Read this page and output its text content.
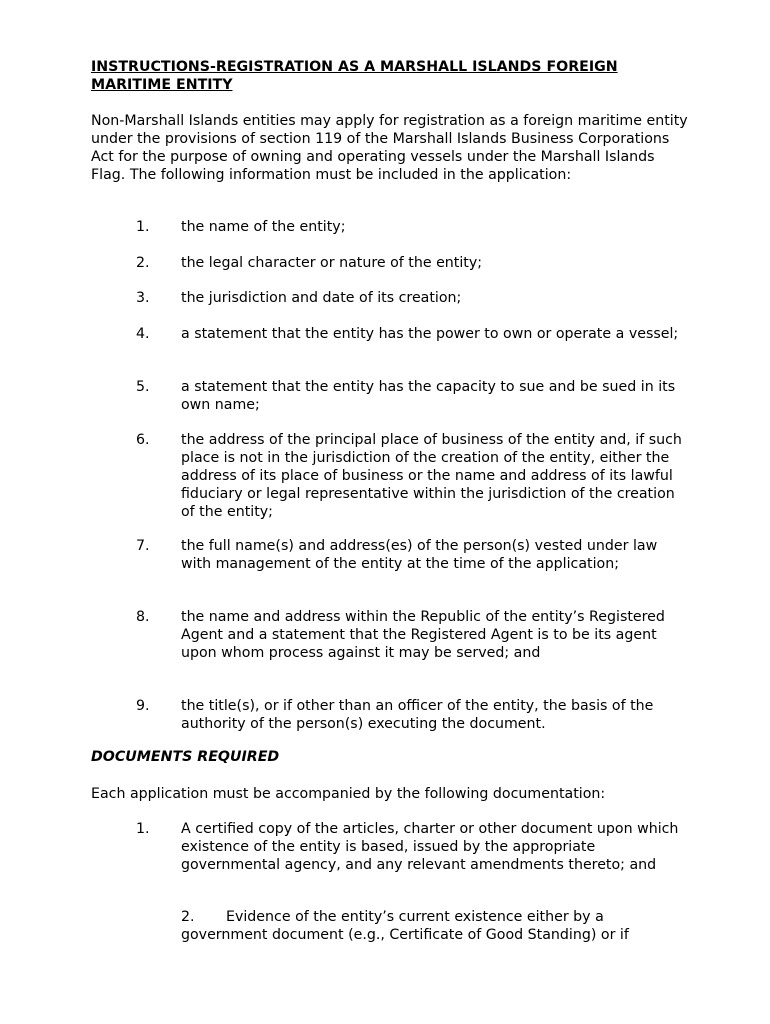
INSTRUCTIONS-REGISTRATION AS A MARSHALL ISLANDS FOREIGN MARITIME ENTITY

Non-Marshall Islands entities may apply for registration as a foreign maritime entity under the provisions of section 119 of the Marshall Islands Business Corporations Act for the purpose of owning and operating vessels under the Marshall Islands Flag. The following information must be included in the application:

1. the name of the entity;
2. the legal character or nature of the entity;
3. the jurisdiction and date of its creation;
4. a statement that the entity has the power to own or operate a vessel;
5. a statement that the entity has the capacity to sue and be sued in its own name;
6. the address of the principal place of business of the entity and, if such place is not in the jurisdiction of the creation of the entity, either the address of its place of business or the name and address of its lawful fiduciary or legal representative within the jurisdiction of the creation of the entity;
7. the full name(s) and address(es) of the person(s) vested under law with management of the entity at the time of the application;
8. the name and address within the Republic of the entity’s Registered Agent and a statement that the Registered Agent is to be its agent upon whom process against it may be served; and
9. the title(s), or if other than an officer of the entity, the basis of the authority of the person(s) executing the document.

DOCUMENTS REQUIRED

Each application must be accompanied by the following documentation:

1. A certified copy of the articles, charter or other document upon which existence of the entity is based, issued by the appropriate governmental agency, and any relevant amendments thereto; and
2. Evidence of the entity’s current existence either by a government document (e.g., Certificate of Good Standing) or if
